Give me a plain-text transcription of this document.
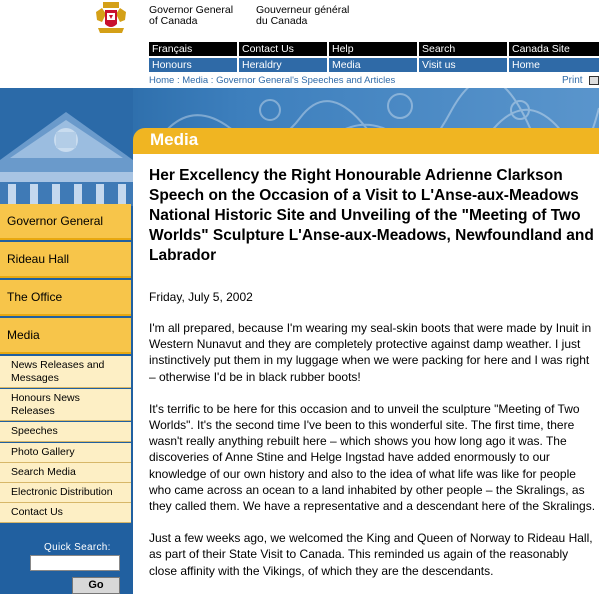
Governor General
of Canada
Gouverneur général
du Canada
Français	Contact Us	Help	Search	Canada Site
Honours	Heraldry	Media	Visit us	Home
Home : Media : Governor General's Speeches and Articles	Print
Media
Governor General
Rideau Hall
The Office
Media
News Releases and Messages
Honours News Releases
Speeches
Photo Gallery
Search Media
Electronic Distribution
Contact Us
Quick Search:
Go
Her Excellency the Right Honourable Adrienne Clarkson Speech on the Occasion of a Visit to L'Anse-aux-Meadows National Historic Site and Unveiling of the "Meeting of Two Worlds" Sculpture L'Anse-aux-Meadows, Newfoundland and Labrador
Friday, July 5, 2002

I'm all prepared, because I'm wearing my seal-skin boots that were made by Inuit in Western Nunavut and they are completely protective against damp weather. I just instinctively put them in my luggage when we were packing for here and I was right – otherwise I'd be in black rubber boots!

It's terrific to be here for this occasion and to unveil the sculpture "Meeting of Two Worlds". It's the second time I've been to this wonderful site. The first time, there wasn't really anything rebuilt here – which shows you how long ago it was. The discoveries of Anne Stine and Helge Ingstad have added enormously to our knowledge of our own history and also to the idea of what life was like for people who came across an ocean to a land inhabited by other people – the Skralings, as they called them. We have a representative and a descendant here of the Skralings.

Just a few weeks ago, we welcomed the King and Queen of Norway to Rideau Hall, as part of their State Visit to Canada. This reminded us again of the reasonably close affinity with the Vikings, of which they are the descendants.
